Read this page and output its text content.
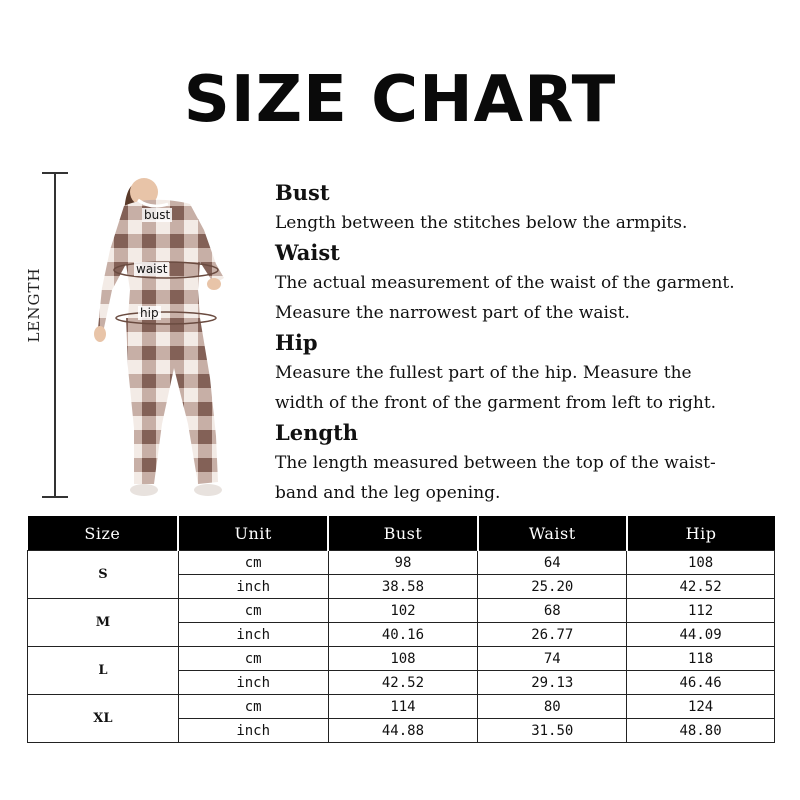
SIZE CHART
LENGTH
bust
waist
hip
Bust
Length between the stitches below the armpits.
Waist
The actual measurement of the waist of the garment.
Measure the narrowest part of the waist.
Hip
Measure the fullest part of the hip. Measure the
width of the front of the garment from left to right.
Length
The length measured between the top of the waist-
band and the leg opening.
Size	Unit	Bust	Waist	Hip
S	cm	98	64	108
	inch	38.58	25.20	42.52
M	cm	102	68	112
	inch	40.16	26.77	44.09
L	cm	108	74	118
	inch	42.52	29.13	46.46
XL	cm	114	80	124
	inch	44.88	31.50	48.80
